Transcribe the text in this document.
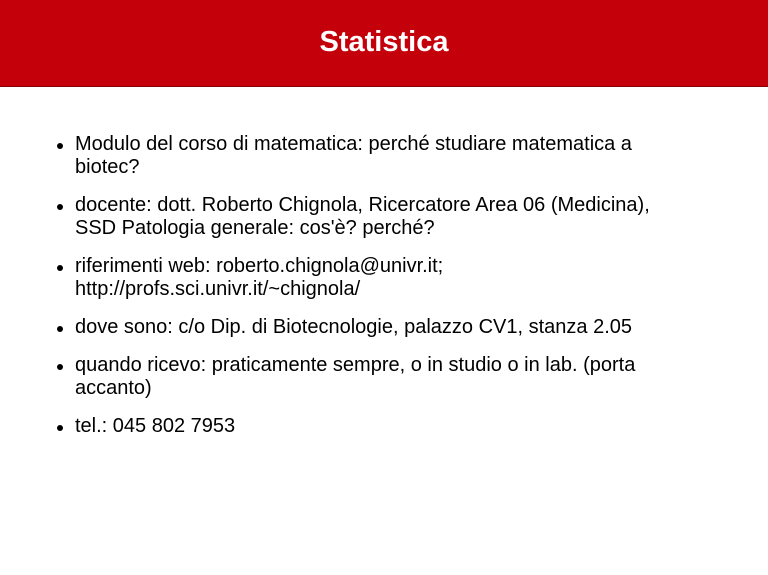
Statistica
Modulo del corso di matematica: perché studiare matematica a
biotec?
docente: dott. Roberto Chignola, Ricercatore Area 06 (Medicina),
SSD Patologia generale: cos'è? perché?
riferimenti web: roberto.chignola@univr.it;
http://profs.sci.univr.it/~chignola/
dove sono: c/o Dip. di Biotecnologie, palazzo CV1, stanza 2.05
quando ricevo: praticamente sempre, o in studio o in lab. (porta
accanto)
tel.: 045 802 7953
